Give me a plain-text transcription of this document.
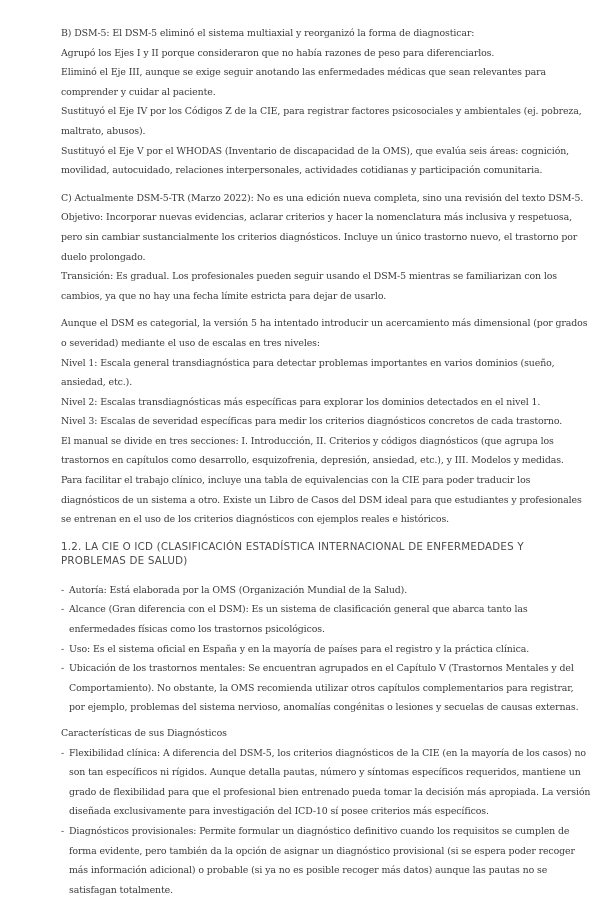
B) DSM-5: El DSM-5 eliminó el sistema multiaxial y reorganizó la forma de diagnosticar:

Agrupó los Ejes I y II porque consideraron que no había razones de peso para diferenciarlos.

Eliminó el Eje III, aunque se exige seguir anotando las enfermedades médicas que sean relevantes para

comprender y cuidar al paciente.

Sustituyó el Eje IV por los Códigos Z de la CIE, para registrar factores psicosociales y ambientales (ej. pobreza,

maltrato, abusos).

Sustituyó el Eje V por el WHODAS (Inventario de discapacidad de la OMS), que evalúa seis áreas: cognición,

movilidad, autocuidado, relaciones interpersonales, actividades cotidianas y participación comunitaria.

C) Actualmente DSM-5-TR (Marzo 2022): No es una edición nueva completa, sino una revisión del texto DSM-5.

Objetivo: Incorporar nuevas evidencias, aclarar criterios y hacer la nomenclatura más inclusiva y respetuosa,

pero sin cambiar sustancialmente los criterios diagnósticos. Incluye un único trastorno nuevo, el trastorno por

duelo prolongado.

Transición: Es gradual. Los profesionales pueden seguir usando el DSM-5 mientras se familiarizan con los

cambios, ya que no hay una fecha límite estricta para dejar de usarlo.

Aunque el DSM es categorial, la versión 5 ha intentado introducir un acercamiento más dimensional (por grados

o severidad) mediante el uso de escalas en tres niveles:

Nivel 1: Escala general transdiagnóstica para detectar problemas importantes en varios dominios (sueño,

ansiedad, etc.).

Nivel 2: Escalas transdiagnósticas más específicas para explorar los dominios detectados en el nivel 1.

Nivel 3: Escalas de severidad específicas para medir los criterios diagnósticos concretos de cada trastorno.

El manual se divide en tres secciones: I. Introducción, II. Criterios y códigos diagnósticos (que agrupa los

trastornos en capítulos como desarrollo, esquizofrenia, depresión, ansiedad, etc.), y III. Modelos y medidas.

Para facilitar el trabajo clínico, incluye una tabla de equivalencias con la CIE para poder traducir los

diagnósticos de un sistema a otro. Existe un Libro de Casos del DSM ideal para que estudiantes y profesionales

se entrenan en el uso de los criterios diagnósticos con ejemplos reales e históricos.

1.2. LA CIE O ICD (CLASIFICACIÓN ESTADÍSTICA INTERNACIONAL DE ENFERMEDADES Y
PROBLEMAS DE SALUD)
- Autoría: Está elaborada por la OMS (Organización Mundial de la Salud).

- Alcance (Gran diferencia con el DSM): Es un sistema de clasificación general que abarca tanto las

enfermedades físicas como los trastornos psicológicos.

- Uso: Es el sistema oficial en España y en la mayoría de países para el registro y la práctica clínica.

- Ubicación de los trastornos mentales: Se encuentran agrupados en el Capítulo V (Trastornos Mentales y del

Comportamiento). No obstante, la OMS recomienda utilizar otros capítulos complementarios para registrar,

por ejemplo, problemas del sistema nervioso, anomalías congénitas o lesiones y secuelas de causas externas.

Características de sus Diagnósticos

- Flexibilidad clínica: A diferencia del DSM-5, los criterios diagnósticos de la CIE (en la mayoría de los casos) no

son tan específicos ni rígidos. Aunque detalla pautas, número y síntomas específicos requeridos, mantiene un

grado de flexibilidad para que el profesional bien entrenado pueda tomar la decisión más apropiada. La versión

diseñada exclusivamente para investigación del ICD-10 sí posee criterios más específicos.

- Diagnósticos provisionales: Permite formular un diagnóstico definitivo cuando los requisitos se cumplen de

forma evidente, pero también da la opción de asignar un diagnóstico provisional (si se espera poder recoger

más información adicional) o probable (si ya no es posible recoger más datos) aunque las pautas no se

satisfagan totalmente.
